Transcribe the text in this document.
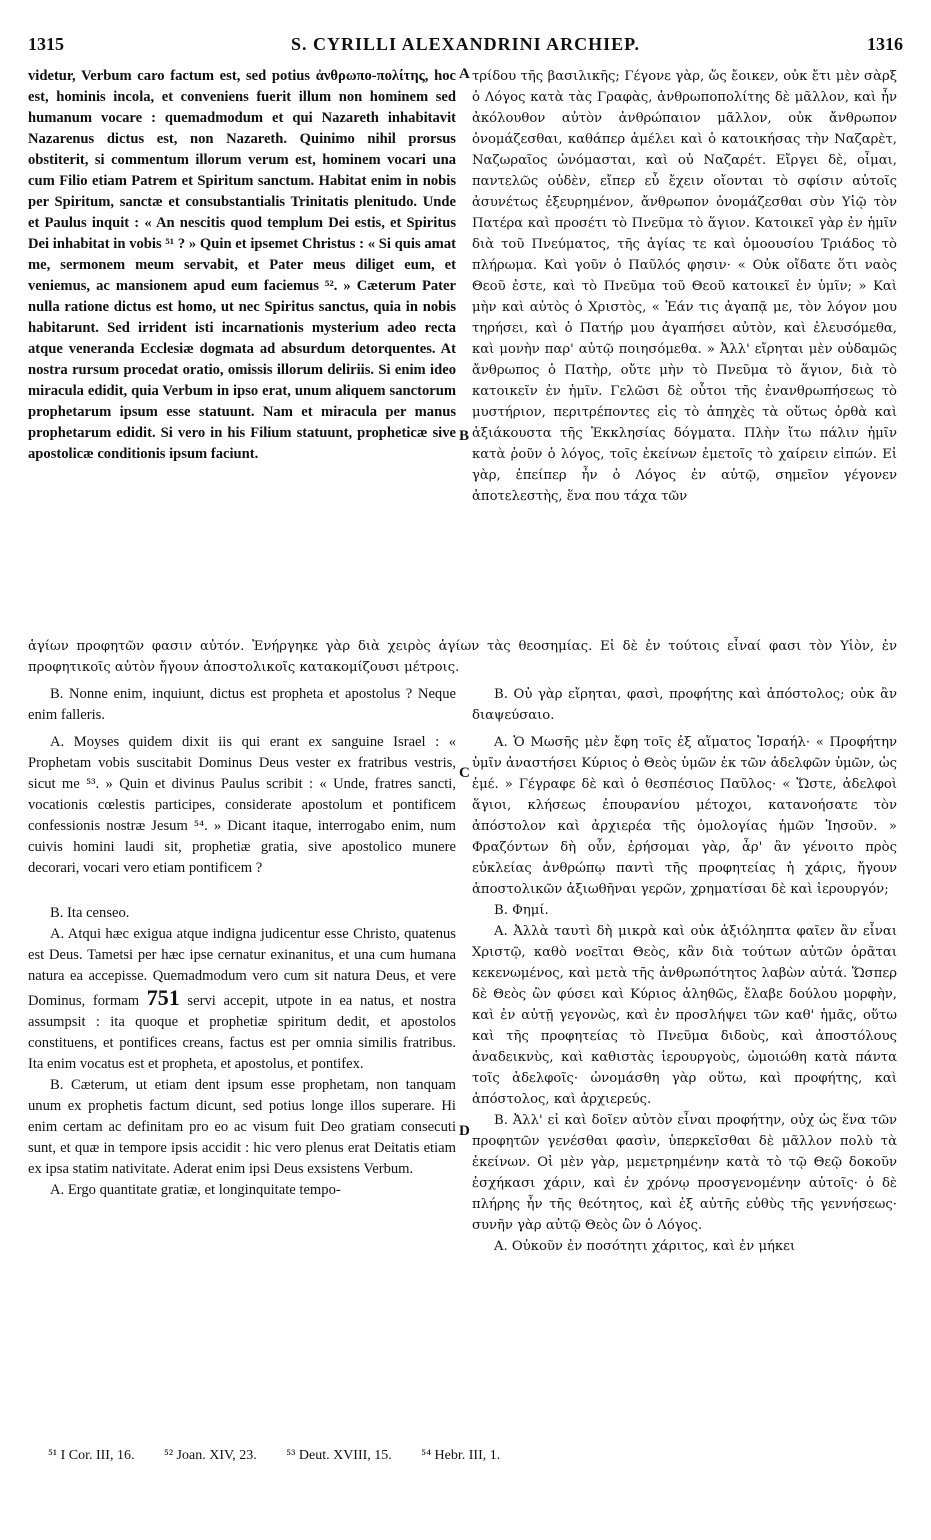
1315	S. CYRILLI ALEXANDRINI ARCHIEP.	1316
A
B
C
D

videtur, Verbum caro factum est, sed potius ἀνθρωπο-πολίτης, hoc est, hominis incola, et conveniens fuerit illum non hominem sed humanum vocare : quemadmodum et qui Nazareth inhabitavit Nazarenus dictus est, non Nazareth. Quinimo nihil prorsus obstiterit, si commentum illorum verum est, hominem vocari una cum Filio etiam Patrem et Spiritum sanctum. Habitat enim in nobis per Spiritum, sanctæ et consubstantialis Trinitatis plenitudo. Unde et Paulus inquit : « An nescitis quod templum Dei estis, et Spiritus Dei inhabitat in vobis ⁵¹ ? » Quin et ipsemet Christus : « Si quis amat me, sermonem meum servabit, et Pater meus diliget eum, et veniemus, ac mansionem apud eum faciemus ⁵². » Cæterum Pater nulla ratione dictus est homo, ut nec Spiritus sanctus, quia in nobis habitarunt. Sed irrident isti incarnationis mysterium adeo recta atque veneranda Ecclesiæ dogmata ad absurdum detorquentes. At nostra rursum procedat oratio, omissis illorum deliriis. Si enim ideo miracula edidit, quia Verbum in ipso erat, unum aliquem sanctorum prophetarum ipsum esse statuunt. Nam et miracula per manus prophetarum edidit. Si vero in his Filium statuunt, propheticæ sive apostolicæ conditionis ipsum faciunt.

τρίδου τῆς βασιλικῆς; Γέγονε γὰρ, ὥς ἔοικεν, οὐκ ἔτι μὲν σὰρξ ὁ Λόγος κατὰ τὰς Γραφὰς, ἀνθρωποπολίτης δὲ μᾶλλον, καὶ ἦν ἀκόλουθον αὐτὸν ἀνθρώπαιον μᾶλλον, οὐκ ἄνθρωπον ὀνομάζεσθαι, καθάπερ ἀμέλει καὶ ὁ κατοικήσας τὴν Ναζαρὲτ, Ναζωραῖος ὠνόμασται, καὶ οὐ Ναζαρέτ. Εἴργει δὲ, οἶμαι, παντελῶς οὐδὲν, εἴπερ εὖ ἔχειν οἴονται τὸ σφίσιν αὐτοῖς ἀσυνέτως ἐξευρημένον, ἄνθρωπον ὀνομάζεσθαι σὺν Υἱῷ τὸν Πατέρα καὶ προσέτι τὸ Πνεῦμα τὸ ἅγιον. Κατοικεῖ γὰρ ἐν ἡμῖν διὰ τοῦ Πνεύματος, τῆς ἁγίας τε καὶ ὁμοουσίου Τριάδος τὸ πλήρωμα. Καὶ γοῦν ὁ Παῦλός φησιν· « Οὐκ οἴδατε ὅτι ναὸς Θεοῦ ἐστε, καὶ τὸ Πνεῦμα τοῦ Θεοῦ κατοικεῖ ἐν ὑμῖν; » Καὶ μὴν καὶ αὐτὸς ὁ Χριστὸς, « Ἐάν τις ἀγαπᾷ με, τὸν λόγον μου τηρήσει, καὶ ὁ Πατήρ μου ἀγαπήσει αὐτὸν, καὶ ἐλευσόμεθα, καὶ μονὴν παρ' αὐτῷ ποιησόμεθα. » Ἀλλ' εἴρηται μὲν οὐδαμῶς ἄνθρωπος ὁ Πατὴρ, οὔτε μὴν τὸ Πνεῦμα τὸ ἅγιον, διὰ τὸ κατοικεῖν ἐν ἡμῖν. Γελῶσι δὲ οὗτοι τῆς ἐνανθρωπήσεως τὸ μυστήριον, περιτρέποντες εἰς τὸ ἀπηχὲς τὰ οὕτως ὀρθὰ καὶ ἀξιάκουστα τῆς Ἐκκλησίας δόγματα. Πλὴν ἴτω πάλιν ἡμῖν κατὰ ῥοῦν ὁ λόγος, τοῖς ἐκείνων ἐμετοῖς τὸ χαίρειν εἰπών. Εἰ γὰρ, ἐπείπερ ἦν ὁ Λόγος ἐν αὐτῷ, σημεῖον γέγονεν ἀποτελεστὴς, ἕνα που τάχα τῶν

ἁγίων προφητῶν φασιν αὐτόν. Ἐνήργηκε γὰρ διὰ χειρὸς ἁγίων τὰς θεοσημίας. Εἰ δὲ ἐν τούτοις εἶναί φασι τὸν Υἱὸν, ἐν προφητικοῖς αὐτὸν ἤγουν ἀποστολικοῖς κατακομίζουσι μέτροις.

B. Nonne enim, inquiunt, dictus est propheta et apostolus ? Neque enim falleris.

A. Moyses quidem dixit iis qui erant ex sanguine Israel : « Prophetam vobis suscitabit Dominus Deus vester ex fratribus vestris, sicut me ⁵³. » Quin et divinus Paulus scribit : « Unde, fratres sancti, vocationis cœlestis participes, considerate apostolum et pontificem confessionis nostræ Jesum ⁵⁴. » Dicant itaque, interrogabo enim, num cuivis homini laudi sit, prophetiæ gratia, sive apostolico munere decorari, vocari vero etiam pontificem ?

B. Ita censeo.

A. Atqui hæc exigua atque indigna judicentur esse Christo, quatenus est Deus. Tametsi per hæc ipse cernatur exinanitus, et una cum humana natura ea accepisse. Quemadmodum vero cum sit natura Deus, et vere Dominus, formam 751 servi accepit, utpote in ea natus, et nostra assumpsit : ita quoque et prophetiæ spiritum dedit, et apostolos constituens, et pontifices creans, factus est per omnia similis fratribus. Ita enim vocatus est et propheta, et apostolus, et pontifex.

B. Cæterum, ut etiam dent ipsum esse prophetam, non tanquam unum ex prophetis factum dicunt, sed potius longe illos superare. Hi enim certam ac definitam pro eo ac visum fuit Deo gratiam consecuti sunt, et quæ in tempore ipsis accidit : hic vero plenus erat Deitatis etiam ex ipsa statim nativitate. Aderat enim ipsi Deus exsistens Verbum.

A. Ergo quantitate gratiæ, et longinquitate tempo-

B. Οὐ γὰρ εἴρηται, φασὶ, προφήτης καὶ ἀπόστολος; οὐκ ἂν διαψεύσαιο.

A. Ὁ Μωσῆς μὲν ἔφη τοῖς ἐξ αἵματος Ἰσραήλ· « Προφήτην ὑμῖν ἀναστήσει Κύριος ὁ Θεὸς ὑμῶν ἐκ τῶν ἀδελφῶν ὑμῶν, ὡς ἐμέ. » Γέγραφε δὲ καὶ ὁ θεσπέσιος Παῦλος· « Ὥστε, ἀδελφοὶ ἅγιοι, κλήσεως ἐπουρανίου μέτοχοι, κατανοήσατε τὸν ἀπόστολον καὶ ἀρχιερέα τῆς ὁμολογίας ἡμῶν Ἰησοῦν. » Φραζόντων δὴ οὖν, ἐρήσομαι γὰρ, ἆρ' ἂν γένοιτο πρὸς εὐκλείας ἀνθρώπῳ παντὶ τῆς προφητείας ἡ χάρις, ἤγουν ἀποστολικῶν ἀξιωθῆναι γερῶν, χρηματίσαι δὲ καὶ ἱερουργόν;

B. Φημί.

A. Ἀλλὰ ταυτὶ δὴ μικρὰ καὶ οὐκ ἀξιόληπτα φαῖεν ἂν εἶναι Χριστῷ, καθὸ νοεῖται Θεὸς, κἂν διὰ τούτων αὐτῶν ὁρᾶται κεκενωμένος, καὶ μετὰ τῆς ἀνθρωπότητος λαβὼν αὐτά. Ὥσπερ δὲ Θεὸς ὢν φύσει καὶ Κύριος ἀληθῶς, ἔλαβε δούλου μορφὴν, καὶ ἐν αὐτῇ γεγονὼς, καὶ ἐν προσλήψει τῶν καθ' ἡμᾶς, οὕτω καὶ τῆς προφητείας τὸ Πνεῦμα διδοὺς, καὶ ἀποστόλους ἀναδεικνὺς, καὶ καθιστὰς ἱερουργοὺς, ὡμοιώθη κατὰ πάντα τοῖς ἀδελφοῖς· ὠνομάσθη γὰρ οὕτω, καὶ προφήτης, καὶ ἀπόστολος, καὶ ἀρχιερεύς.

B. Ἀλλ' εἰ καὶ δοῖεν αὐτὸν εἶναι προφήτην, οὐχ ὡς ἕνα τῶν προφητῶν γενέσθαι φασὶν, ὑπερκεῖσθαι δὲ μᾶλλον πολὺ τὰ ἐκείνων. Οἱ μὲν γὰρ, μεμετρημένην κατὰ τὸ τῷ Θεῷ δοκοῦν ἐσχήκασι χάριν, καὶ ἐν χρόνῳ προσγενομένην αὐτοῖς· ὁ δὲ πλήρης ἦν τῆς θεότητος, καὶ ἐξ αὐτῆς εὐθὺς τῆς γεννήσεως· συνῆν γὰρ αὐτῷ Θεὸς ὢν ὁ Λόγος.

A. Οὐκοῦν ἐν ποσότητι χάριτος, καὶ ἐν μήκει

⁵¹ I Cor. III, 16. ⁵² Joan. XIV, 23. ⁵³ Deut. XVIII, 15. ⁵⁴ Hebr. III, 1.
